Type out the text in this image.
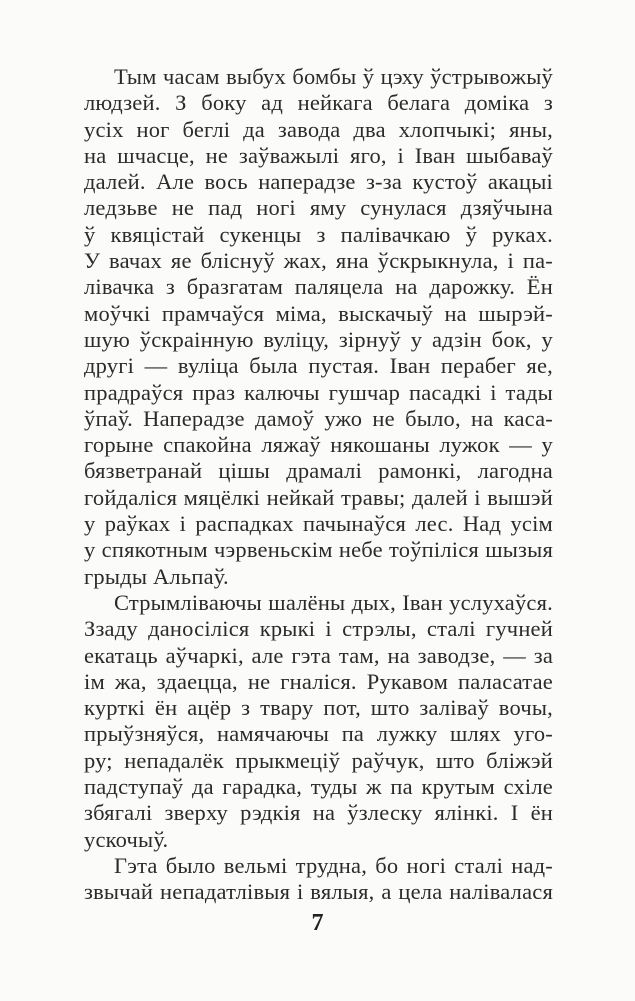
Тым часам выбух бомбы ў цэху ўстрывожыў
людзей. З боку ад нейкага белага доміка з
усіх ног беглі да завода два хлопчыкі; яны,
на шчасце, не заўважылі яго, і Іван шыбаваў
далей. Але вось наперадзе з-за кустоў акацыі
ледзьве не пад ногі яму сунулася дзяўчына
ў квяцістай сукенцы з палівачкаю ў руках.
У вачах яе бліснуў жах, яна ўскрыкнула, і па-
лівачка з бразгатам паляцела на дарожку. Ён
моўчкі прамчаўся міма, выскачыў на шырэй-
шую ўскраінную вуліцу, зірнуў у адзін бок, у
другі — вуліца была пустая. Іван перабег яе,
прадраўся праз калючы гушчар пасадкі і тады
ўпаў. Наперадзе дамоў ужо не было, на каса-
горыне спакойна ляжаў някошаны лужок — у
бязветранай цішы драмалі рамонкі, лагодна
гойдаліся мяцёлкі нейкай травы; далей і вышэй
у раўках і распадках пачынаўся лес. Над усім
у спякотным чэрвеньскім небе тоўпіліся шызыя
грыды Альпаў.
Стрымліваючы шалёны дых, Іван услухаўся.
Ззаду даносіліся крыкі і стрэлы, сталі гучней
екатаць аўчаркі, але гэта там, на заводзе, — за
ім жа, здаецца, не гналіся. Рукавом паласатае
курткі ён ацёр з твару пот, што заліваў вочы,
прыўзняўся, намячаючы па лужку шлях уго-
ру; непадалёк прыкмеціў раўчук, што бліжэй
падступаў да гарадка, туды ж па крутым схіле
збягалі зверху рэдкія на ўзлеску ялінкі. І ён
ускочыў.
Гэта было вельмі трудна, бо ногі сталі над-
звычай непадатлівыя і вялыя, а цела налівалася
7
